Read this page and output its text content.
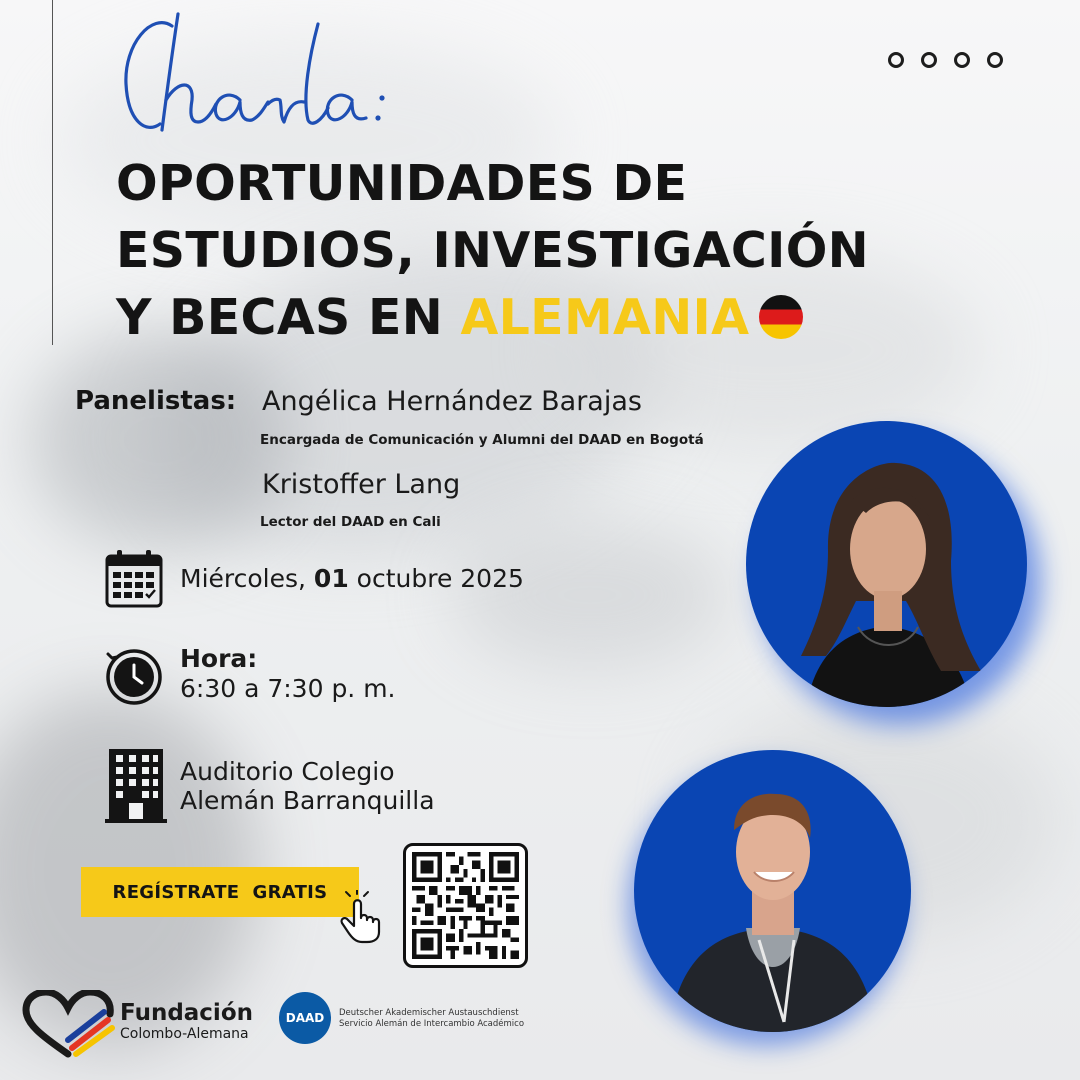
OPORTUNIDADES DE
ESTUDIOS, INVESTIGACIÓN
Y BECAS EN ALEMANIA
Panelistas: Angélica Hernández Barajas
Encargada de Comunicación y Alumni del DAAD en Bogotá
Kristoffer Lang
Lector del DAAD en Cali
Miércoles, 01 octubre 2025
Hora:
6:30 a 7:30 p. m.
Auditorio Colegio
Alemán Barranquilla
REGÍSTRATE  GRATIS
Fundación
Colombo-Alemana
DAAD	Deutscher Akademischer Austauschdienst
Servicio Alemán de Intercambio Académico
